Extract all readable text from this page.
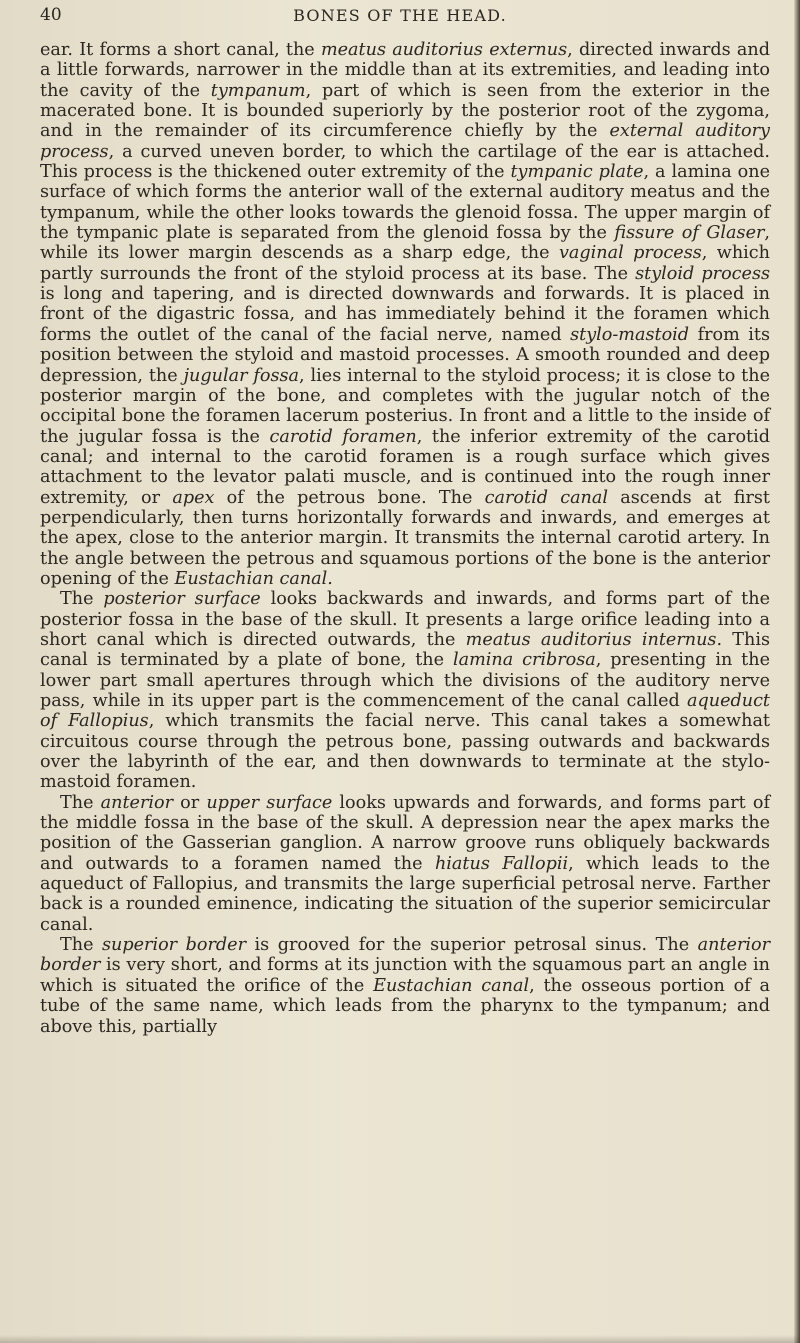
40	BONES OF THE HEAD.

ear. It forms a short canal, the meatus auditorius externus, directed inwards and a little forwards, narrower in the middle than at its extremities, and leading into the cavity of the tympanum, part of which is seen from the exterior in the macerated bone. It is bounded superiorly by the posterior root of the zygoma, and in the remainder of its circumference chiefly by the external auditory process, a curved uneven border, to which the cartilage of the ear is attached. This process is the thickened outer extremity of the tympanic plate, a lamina one surface of which forms the anterior wall of the external auditory meatus and the tympanum, while the other looks towards the glenoid fossa. The upper margin of the tympanic plate is separated from the glenoid fossa by the fissure of Glaser, while its lower margin descends as a sharp edge, the vaginal process, which partly surrounds the front of the styloid process at its base. The styloid process is long and tapering, and is directed downwards and forwards. It is placed in front of the digastric fossa, and has immediately behind it the foramen which forms the outlet of the canal of the facial nerve, named stylo-mastoid from its position between the styloid and mastoid processes. A smooth rounded and deep depression, the jugular fossa, lies internal to the styloid process; it is close to the posterior margin of the bone, and completes with the jugular notch of the occipital bone the foramen lacerum posterius. In front and a little to the inside of the jugular fossa is the carotid foramen, the inferior extremity of the carotid canal; and internal to the carotid foramen is a rough surface which gives attachment to the levator palati muscle, and is continued into the rough inner extremity, or apex of the petrous bone. The carotid canal ascends at first perpendicularly, then turns horizontally forwards and inwards, and emerges at the apex, close to the anterior margin. It transmits the internal carotid artery. In the angle between the petrous and squamous portions of the bone is the anterior opening of the Eustachian canal.

The posterior surface looks backwards and inwards, and forms part of the posterior fossa in the base of the skull. It presents a large orifice leading into a short canal which is directed outwards, the meatus auditorius internus. This canal is terminated by a plate of bone, the lamina cribrosa, presenting in the lower part small apertures through which the divisions of the auditory nerve pass, while in its upper part is the commencement of the canal called aqueduct of Fallopius, which transmits the facial nerve. This canal takes a somewhat circuitous course through the petrous bone, passing outwards and backwards over the labyrinth of the ear, and then downwards to terminate at the stylo-mastoid foramen.

The anterior or upper surface looks upwards and forwards, and forms part of the middle fossa in the base of the skull. A depression near the apex marks the position of the Gasserian ganglion. A narrow groove runs obliquely backwards and outwards to a foramen named the hiatus Fallopii, which leads to the aqueduct of Fallopius, and transmits the large superficial petrosal nerve. Farther back is a rounded eminence, indicating the situation of the superior semicircular canal.

The superior border is grooved for the superior petrosal sinus. The anterior border is very short, and forms at its junction with the squamous part an angle in which is situated the orifice of the Eustachian canal, the osseous portion of a tube of the same name, which leads from the pharynx to the tympanum; and above this, partially
